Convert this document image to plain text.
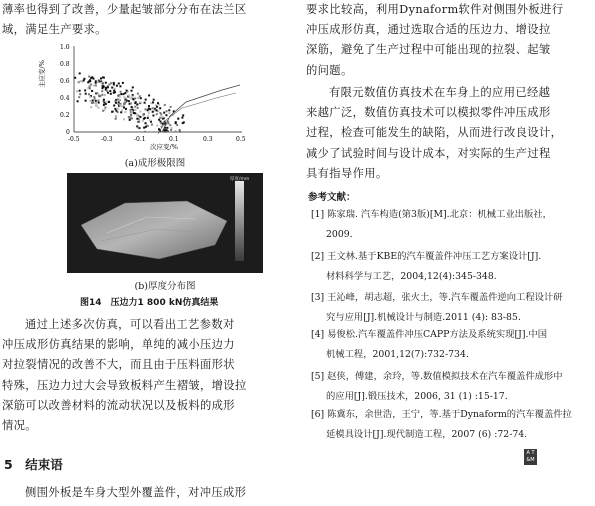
薄率也得到了改善，少量起皱部分分布在法兰区
域，满足生产要求。
主应变/%
1.0
0.8
0.6
0.4
0.2
0
-0.5	-0.3	-0.1	0.1	0.3	0.5
次应变/%
(a)成形极限图
厚度/mm
(b)厚度分布图
图14　压边力1 800 kN仿真结果
通过上述多次仿真，可以看出工艺参数对
冲压成形仿真结果的影响，单纯的减小压边力
对拉裂情况的改善不大，而且由于压料面形状
特殊，压边力过大会导致板料产生褶皱，增设拉
深筋可以改善材料的流动状况以及板料的成形
情况。
5　结束语
侧围外板是车身大型外覆盖件，对冲压成形
要求比较高，利用Dynaform软件对侧围外板进行
冲压成形仿真，通过选取合适的压边力、增设拉
深筋，避免了生产过程中可能出现的拉裂、起皱
的问题。
有限元数值仿真技术在车身上的应用已经越
来越广泛，数值仿真技术可以模拟零件冲压成形
过程，检查可能发生的缺陷，从而进行改良设计，
减少了试验时间与设计成本，对实际的生产过程
具有指导作用。
参考文献：
[1] 陈家瑞. 汽车构造(第3版)[M].北京：机械工业出版社，
2009.
[2] 王文林.基于KBE的汽车覆盖件冲压工艺方案设计[J].
材料科学与工艺，2004,12(4):345-348.
[3] 王沁峰，胡志超，张火土，等.汽车覆盖件逆向工程设计研
究与应用[J].机械设计与制造.2011 (4): 83-85.
[4] 易俊松.汽车覆盖件冲压CAPP方法及系统实现[J].中国
机械工程，2001,12(7):732-734.
[5] 赵侠，傅建，余玲，等.数值模拟技术在汽车覆盖件成形中
的应用[J].锻压技术，2006, 31 (1) :15-17.
[6] 陈冀东，余世浩，王宁，等.基于Dynaform的汽车覆盖件拉
延模具设计[J].现代制造工程，2007 (6) :72-74.
A T
&M
